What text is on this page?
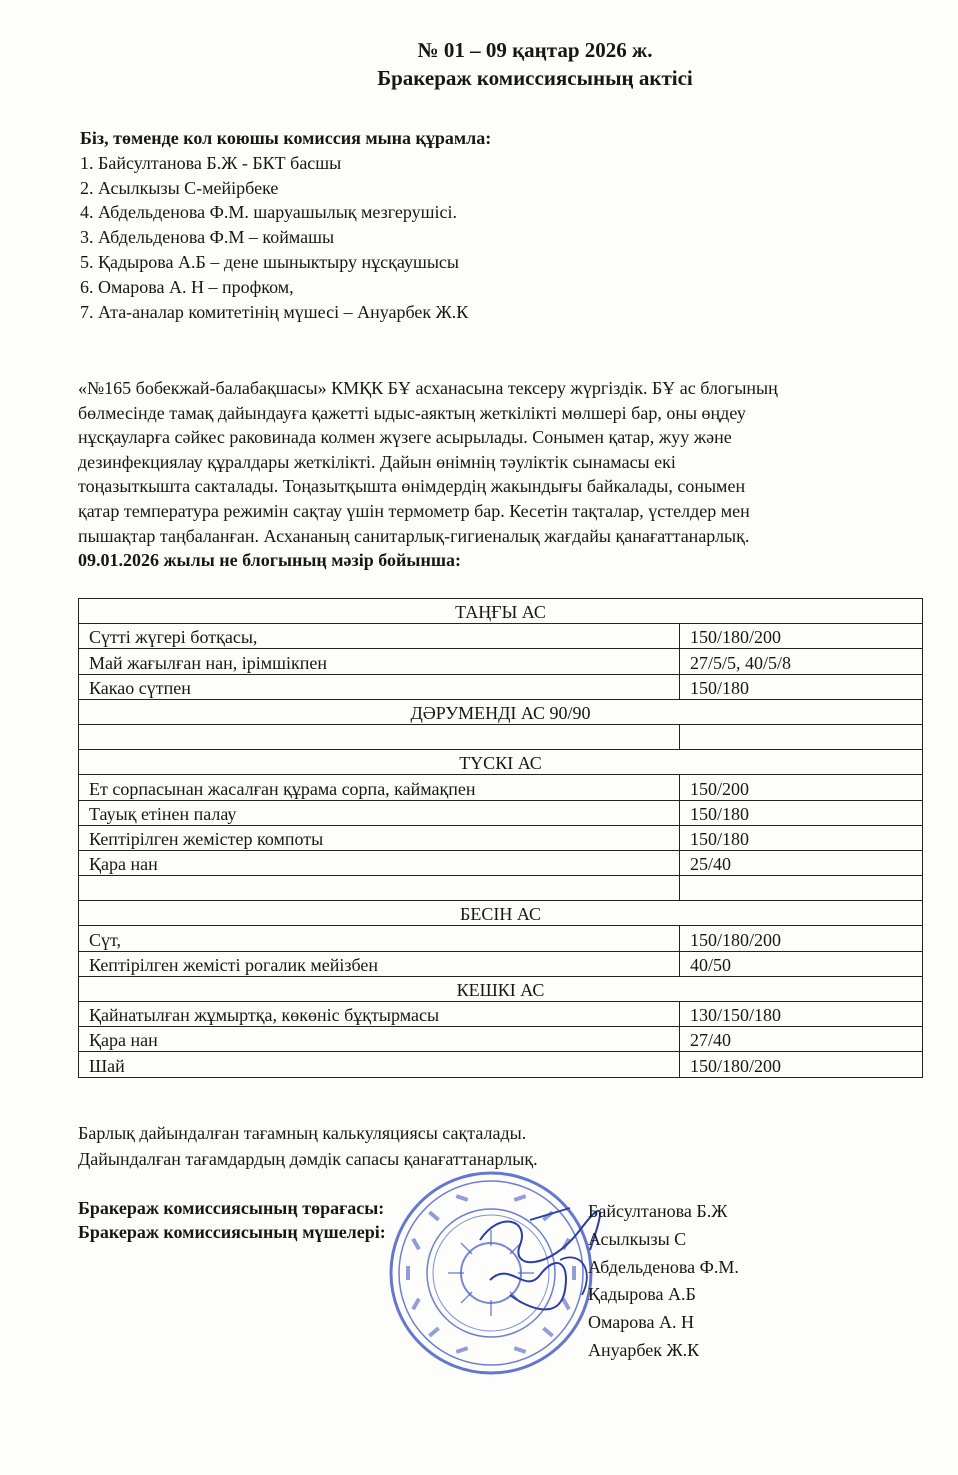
№ 01 – 09 қаңтар 2026 ж.
Бракераж комиссиясының актісі
Біз, төменде кол коюшы комиссия мына құрамла:
1. Байсултанова Б.Ж - БКТ басшы
2. Асылкызы С-мейірбеке
4. Абдельденова Ф.М. шаруашылық мезгерушісі.
3. Абдельденова Ф.М – коймашы
5. Қадырова А.Б – дене шыныктыру нұсқаушысы
6. Омарова А. Н – профком,
7. Ата-аналар комитетінің мүшесі – Ануарбек Ж.К
«№165 бобекжай-балабақшасы» КМҚК БҰ асханасына тексеру жүргіздік. БҰ ас блогының
бөлмесінде тамақ дайындауға қажетті ыдыс-аяктың жеткілікті мөлшері бар, оны өңдеу
нұсқауларға сәйкес раковинада колмен жүзеге асырылады. Сонымен қатар, жуу және
дезинфекциялау құралдары жеткілікті. Дайын өнімнің тәуліктік сынамасы екі
тоңазыткышта сакталады. Тоңазытқышта өнімдердің жакындығы байкалады, сонымен
қатар температура режимін сақтау үшін термометр бар. Кесетін тақталар, үстелдер мен
пышақтар таңбаланған. Асхананың санитарлық-гигиеналық жағдайы қанағаттанарлық.
09.01.2026 жылы не блогының мәзір бойынша:
ТАҢҒЫ АС	
Сүтті жүгері ботқасы,	150/180/200
Май жағылған нан, ірімшікпен	27/5/5, 40/5/8
Какао сүтпен	150/180
ДӘРУМЕНДІ АС 90/90	

ТҮСКІ АС	
Ет сорпасынан жасалған құрама сорпа, каймақпен	150/200
Тауық етінен палау	150/180
Кептірілген жемістер компоты	150/180
Қара нан	25/40

БЕСІН АС	
Сүт,	150/180/200
Кептірілген жемісті рогалик мейізбен	40/50
КЕШКІ АС	
Қайнатылған жұмыртқа, көкөніс бұқтырмасы	130/150/180
Қара нан	27/40
Шай	150/180/200
Барлық дайындалған тағамның калькуляциясы сақталады.
Дайындалған тағамдардың дәмдік сапасы қанағаттанарлық.
Бракераж комиссиясының төрағасы:
Бракераж комиссиясының мүшелері:
Байсултанова Б.Ж
Асылкызы С
Абдельденова Ф.М.
Қадырова А.Б
Омарова А. Н
Ануарбек Ж.К
